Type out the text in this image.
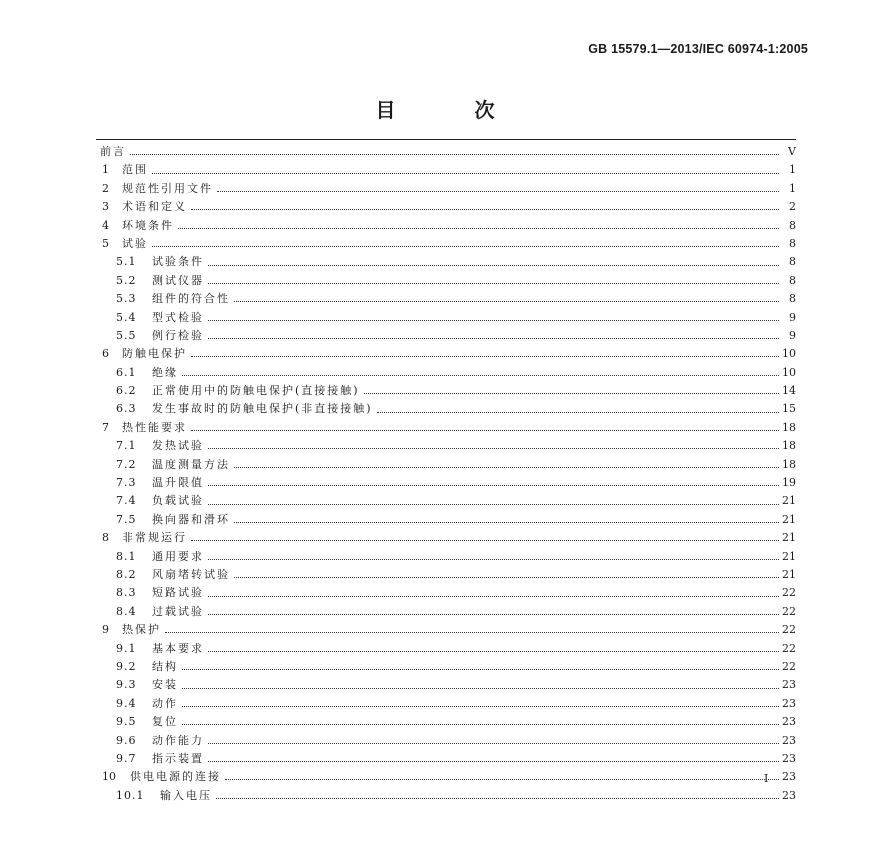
GB 15579.1—2013/IEC 60974-1:2005
目 次
前言	Ⅴ
1	范围	1
2	规范性引用文件	1
3	术语和定义	2
4	环境条件	8
5	试验	8
5.1	试验条件	8
5.2	测试仪器	8
5.3	组件的符合性	8
5.4	型式检验	9
5.5	例行检验	9
6	防触电保护	10
6.1	绝缘	10
6.2	正常使用中的防触电保护(直接接触)	14
6.3	发生事故时的防触电保护(非直接接触)	15
7	热性能要求	18
7.1	发热试验	18
7.2	温度测量方法	18
7.3	温升限值	19
7.4	负载试验	21
7.5	换向器和滑环	21
8	非常规运行	21
8.1	通用要求	21
8.2	风扇堵转试验	21
8.3	短路试验	22
8.4	过载试验	22
9	热保护	22
9.1	基本要求	22
9.2	结构	22
9.3	安装	23
9.4	动作	23
9.5	复位	23
9.6	动作能力	23
9.7	指示装置	23
10	供电电源的连接	23
10.1	输入电压	23
I
